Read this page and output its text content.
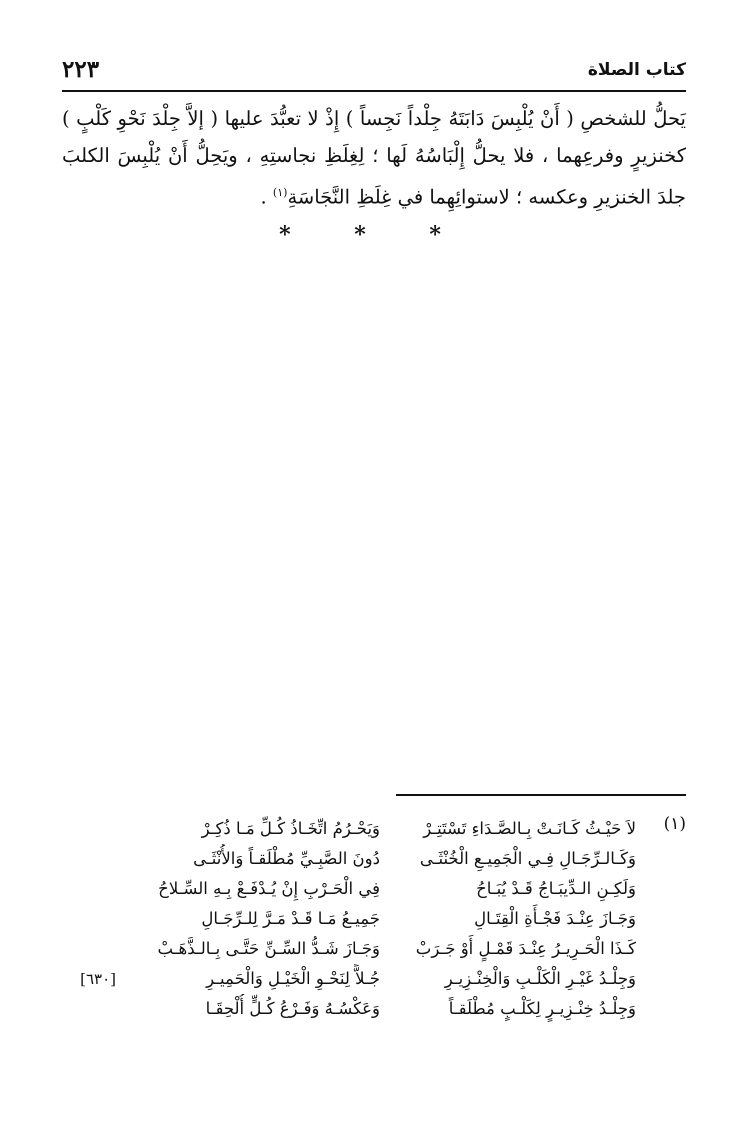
كتاب الصلاة
٢٢٣

يَحلُّ للشخصِ ( أَنْ يُلْبِسَ دَابَتَهُ جِلْداً نَجِساً ) إِذْ لا تعبُّدَ عليها ( إلاَّ جِلْدَ نَحْوِ كَلْبٍ ) كخنزيرٍ وفرعِهما ، فلا يحلُّ إِلْبَاسُهُ لَها ؛ لِغِلَظِ نجاستِهِ ، ويَحِلُّ أَنْ يُلْبِسَ الكلبَ جلدَ الخنزيرِ وعكسه ؛ لاستوائِهِما في غِلَظِ النَّجَاسَةِ$^{(١)}$ .

* * *
(١)
لاَ حَيْـثُ كَـانَـتْ بِـالصَّـدَاءِ تَسْتَتِـرْ
وَيَحْـرُمُ اتِّخَـاذُ كُـلِّ مَـا ذُكِـرْ
وَكَـالـرِّجَـالِ فِـي الْجَمِيـعِ الْخُنْثَـى
دُونَ الصَّبِـيِّ مُطْلَقـاً وَالأُنْثَـى
وَلَكِـنِ الـدِّيبَـاجُ قَـدْ يُبَـاحُ
فِي الْحَـرْبِ إِنْ يُـدْفَـعْ بِـهِ السِّـلاحُ
وَجَـازَ عِنْـدَ فَجْـأَةِ الْقِتَـالِ
جَمِيـعُ مَـا قَـدْ مَـرَّ لِلـرِّجَـالِ
كَـذَا الْحَـرِيـرُ عِنْـدَ قَمْـلٍ أَوْ جَـرَبْ
وَجَـازَ شَـدُّ السِّـنِّ حَتَّـى بِـالـذَّهَـبْ
وَجِلْـدُ غَيْـرِ الْكَلْـبِ وَالْخِنْـزِيـرِ
جُـلاًّ لِنَحْـوِ الْخَيْـلِ وَالْحَمِيـرِ
[٦٣٠]
وَجِلْـدُ خِنْـزِيـرٍ لِكَلْـبٍ مُطْلَقـاً
وَعَكْسُـهُ وَفَـرْعُ كُـلٍّ أُلْحِقَـا
